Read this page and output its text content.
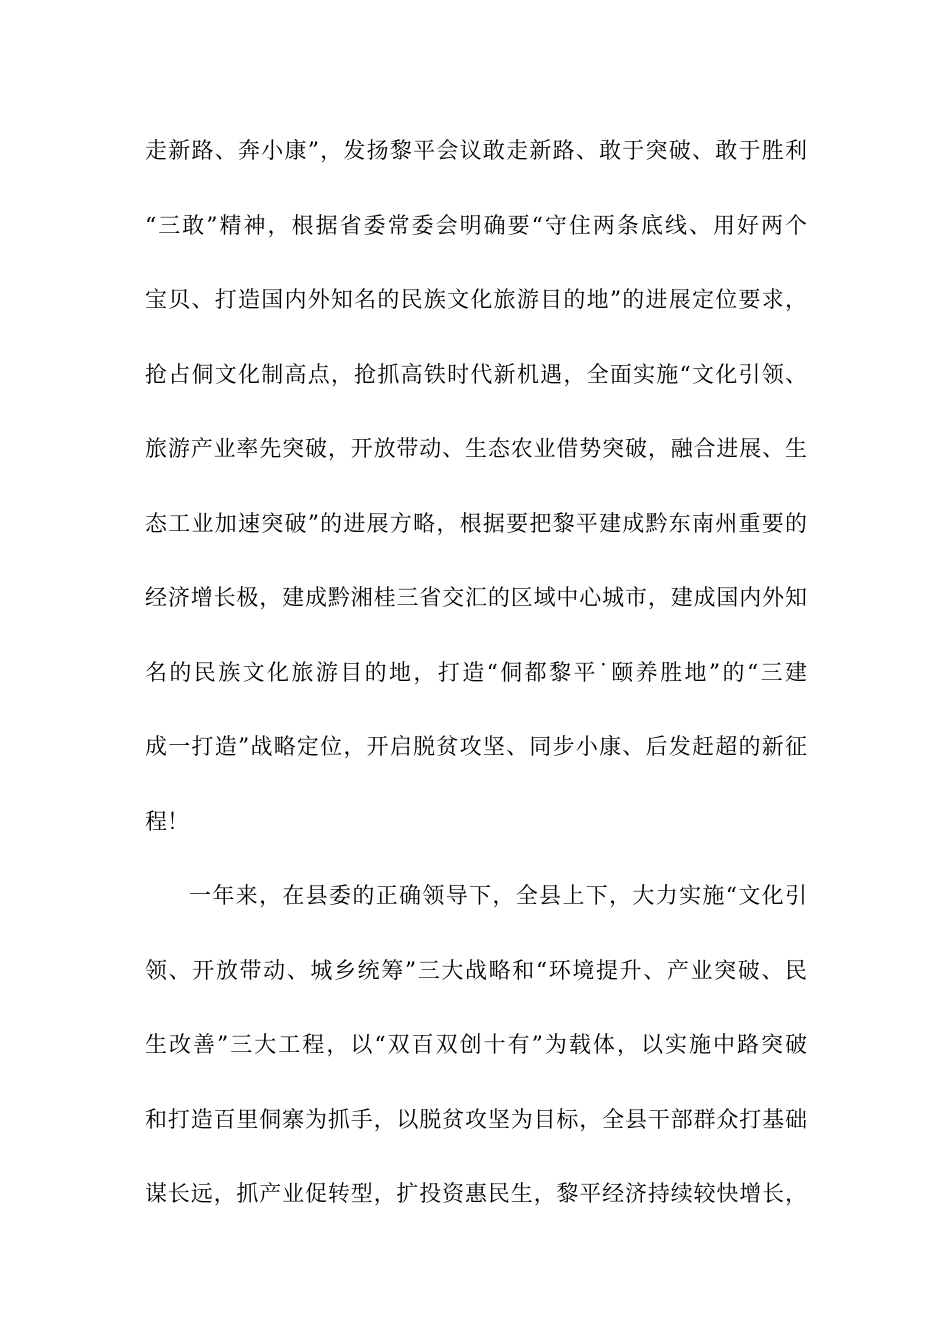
走新路、奔小康”，发扬黎平会议敢走新路、敢于突破、敢于胜利
“三敢”精神，根据省委常委会明确要“守住两条底线、用好两个
宝贝、打造国内外知名的民族文化旅游目的地”的进展定位要求，
抢占侗文化制高点，抢抓高铁时代新机遇，全面实施“文化引领、
旅游产业率先突破，开放带动、生态农业借势突破，融合进展、生
态工业加速突破”的进展方略，根据要把黎平建成黔东南州重要的
经济增长极，建成黔湘桂三省交汇的区域中心城市，建成国内外知
名的民族文化旅游目的地，打造“侗都黎平˙颐养胜地”的“三建
成一打造”战略定位，开启脱贫攻坚、同步小康、后发赶超的新征
程！
一年来，在县委的正确领导下，全县上下，大力实施“文化引
领、开放带动、城乡统筹”三大战略和“环境提升、产业突破、民
生改善”三大工程，以“双百双创十有”为载体，以实施中路突破
和打造百里侗寨为抓手，以脱贫攻坚为目标，全县干部群众打基础
谋长远，抓产业促转型，扩投资惠民生，黎平经济持续较快增长，
